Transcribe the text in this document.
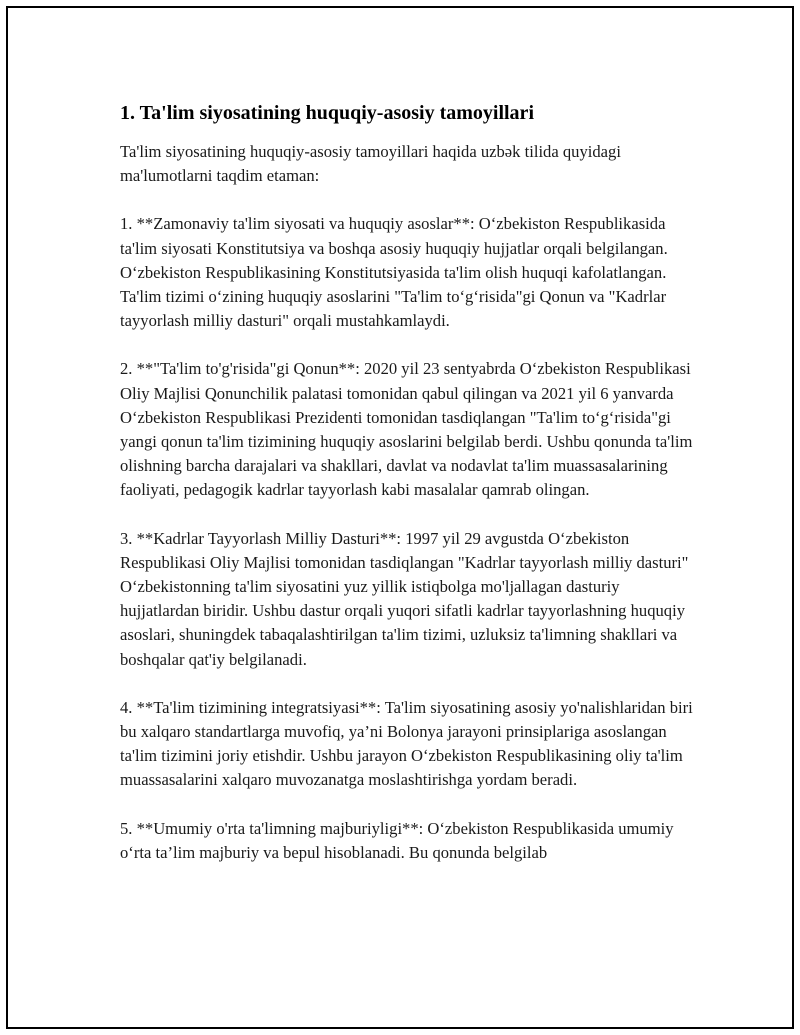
1. Ta'lim siyosatining huquqiy-asosiy tamoyillari

Ta'lim siyosatining huquqiy-asosiy tamoyillari haqida uzbək tilida quyidagi ma'lumotlarni taqdim etaman:

1. **Zamonaviy ta'lim siyosati va huquqiy asoslar**: O‘zbekiston Respublikasida ta'lim siyosati Konstitutsiya va boshqa asosiy huquqiy hujjatlar orqali belgilangan. O‘zbekiston Respublikasining Konstitutsiyasida ta'lim olish huquqi kafolatlangan. Ta'lim tizimi o‘zining huquqiy asoslarini "Ta'lim to‘g‘risida"gi Qonun va "Kadrlar tayyorlash milliy dasturi" orqali mustahkamlaydi.

2. **"Ta'lim to'g'risida"gi Qonun**: 2020 yil 23 sentyabrda O‘zbekiston Respublikasi Oliy Majlisi Qonunchilik palatasi tomonidan qabul qilingan va 2021 yil 6 yanvarda O‘zbekiston Respublikasi Prezidenti tomonidan tasdiqlangan "Ta'lim to‘g‘risida"gi yangi qonun ta'lim tizimining huquqiy asoslarini belgilab berdi. Ushbu qonunda ta'lim olishning barcha darajalari va shakllari, davlat va nodavlat ta'lim muassasalarining faoliyati, pedagogik kadrlar tayyorlash kabi masalalar qamrab olingan.

3. **Kadrlar Tayyorlash Milliy Dasturi**: 1997 yil 29 avgustda O‘zbekiston Respublikasi Oliy Majlisi tomonidan tasdiqlangan "Kadrlar tayyorlash milliy dasturi" O‘zbekistonning ta'lim siyosatini yuz yillik istiqbolga mo'ljallagan dasturiy hujjatlardan biridir. Ushbu dastur orqali yuqori sifatli kadrlar tayyorlashning huquqiy asoslari, shuningdek tabaqalashtirilgan ta'lim tizimi, uzluksiz ta'limning shakllari va boshqalar qat'iy belgilanadi.

4. **Ta'lim tizimining integratsiyasi**: Ta'lim siyosatining asosiy yo'nalishlaridan biri bu xalqaro standartlarga muvofiq, ya’ni Bolonya jarayoni prinsiplariga asoslangan ta'lim tizimini joriy etishdir. Ushbu jarayon O‘zbekiston Respublikasining oliy ta'lim muassasalarini xalqaro muvozanatga moslashtirishga yordam beradi.

5. **Umumiy o'rta ta'limning majburiyligi**: O‘zbekiston Respublikasida umumiy o‘rta ta’lim majburiy va bepul hisoblanadi. Bu qonunda belgilab
